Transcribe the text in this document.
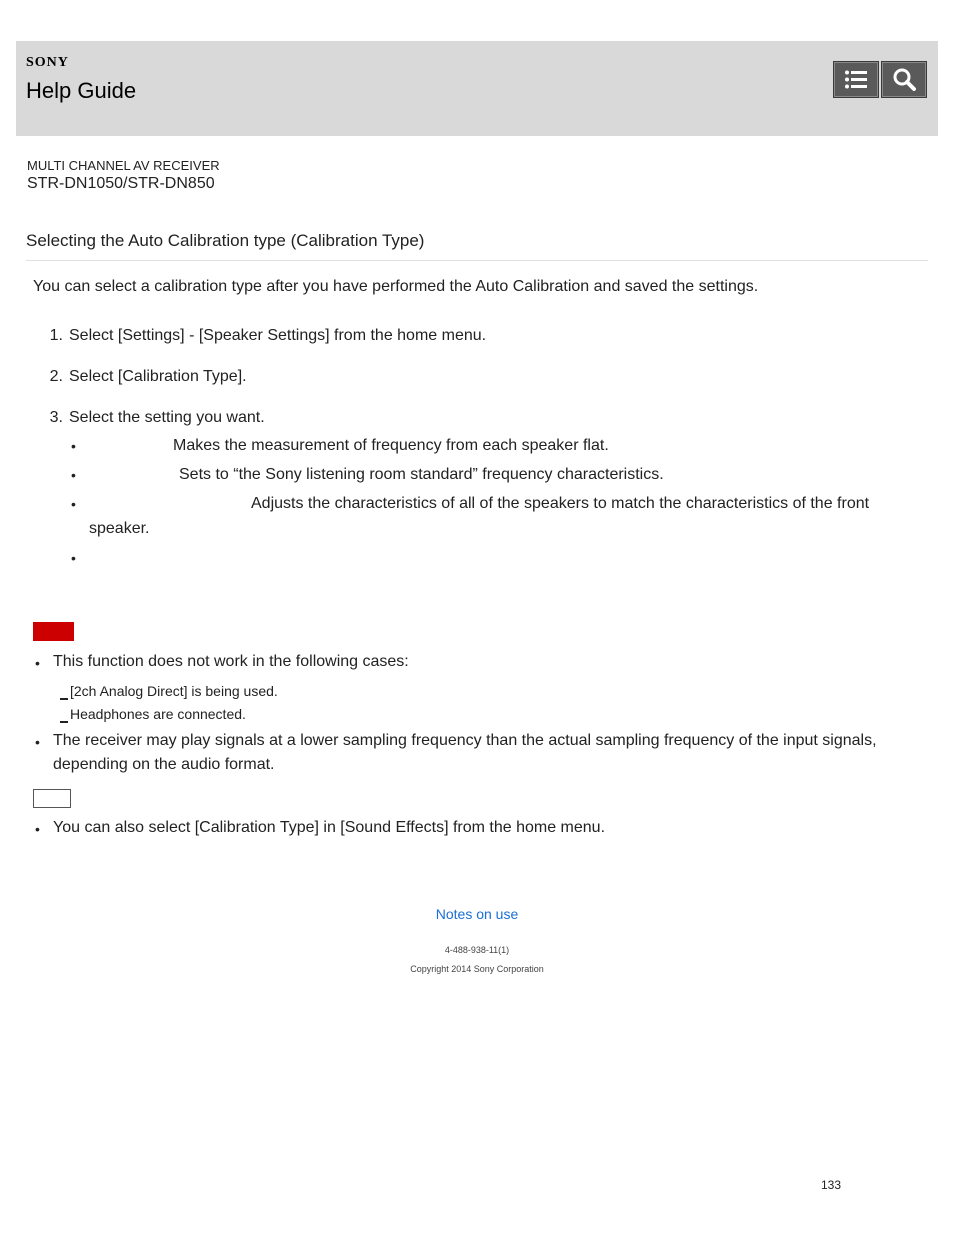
SONY
Help Guide
MULTI CHANNEL AV RECEIVER
STR-DN1050/STR-DN850
Selecting the Auto Calibration type (Calibration Type)
You can select a calibration type after you have performed the Auto Calibration and saved the settings.
1. Select [Settings] - [Speaker Settings] from the home menu.
2. Select [Calibration Type].
3. Select the setting you want.
•	Makes the measurement of frequency from each speaker flat.
•	Sets to “the Sony listening room standard” frequency characteristics.
•	Adjusts the characteristics of all of the speakers to match the characteristics of the front
speaker.
•
• This function does not work in the following cases:
[2ch Analog Direct] is being used.
Headphones are connected.
• The receiver may play signals at a lower sampling frequency than the actual sampling frequency of the input signals,
depending on the audio format.
• You can also select [Calibration Type] in [Sound Effects] from the home menu.
Notes on use
4-488-938-11(1)
Copyright 2014 Sony Corporation
133
